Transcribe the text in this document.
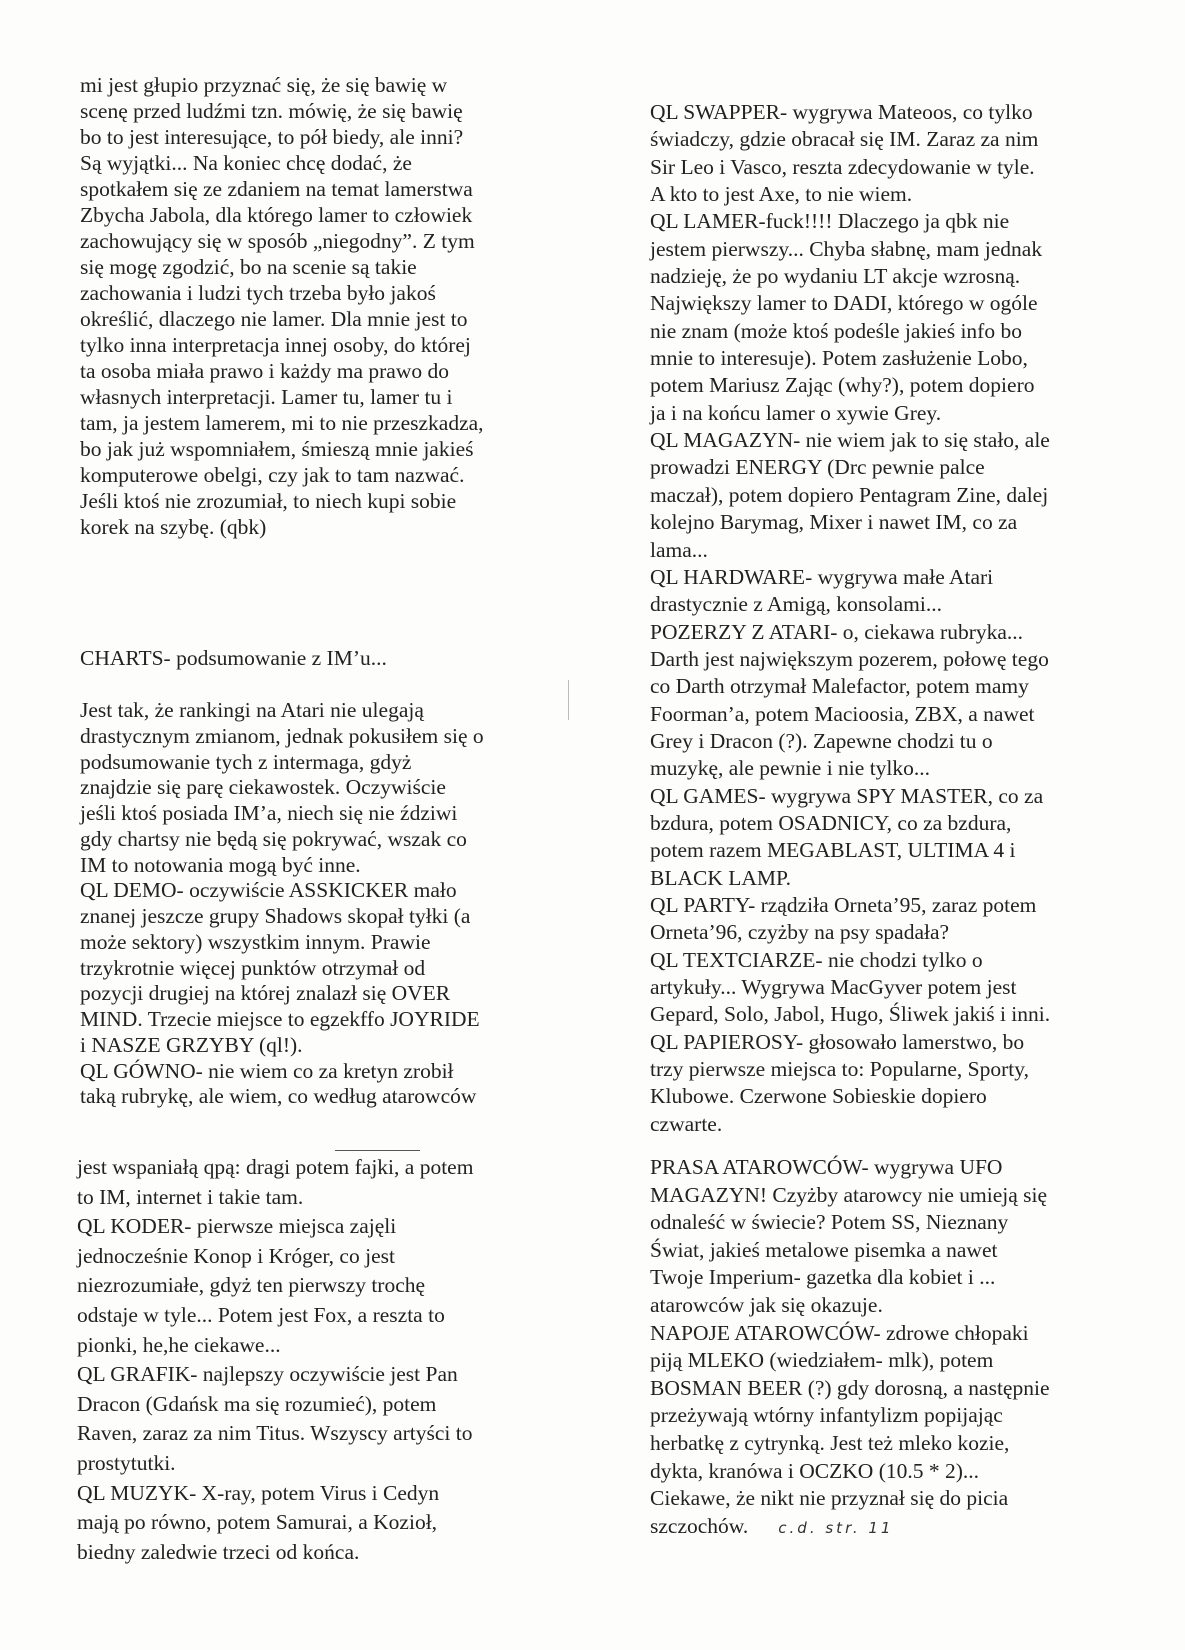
mi jest głupio przyznać się, że się bawię w
scenę przed ludźmi tzn. mówię, że się bawię
bo to jest interesujące, to pół biedy, ale inni?
Są wyjątki... Na koniec chcę dodać, że
spotkałem się ze zdaniem na temat lamerstwa
Zbycha Jabola, dla którego lamer to człowiek
zachowujący się w sposób „niegodny”. Z tym
się mogę zgodzić, bo na scenie są takie
zachowania i ludzi tych trzeba było jakoś
określić, dlaczego nie lamer. Dla mnie jest to
tylko inna interpretacja innej osoby, do której
ta osoba miała prawo i każdy ma prawo do
własnych interpretacji. Lamer tu, lamer tu i
tam, ja jestem lamerem, mi to nie przeszkadza,
bo jak już wspomniałem, śmieszą mnie jakieś
komputerowe obelgi, czy jak to tam nazwać.
Jeśli ktoś nie zrozumiał, to niech kupi sobie
korek na szybę. (qbk)
CHARTS- podsumowanie z IM’u...
Jest tak, że rankingi na Atari nie ulegają
drastycznym zmianom, jednak pokusiłem się o
podsumowanie tych z intermaga, gdyż
znajdzie się parę ciekawostek. Oczywiście
jeśli ktoś posiada IM’a, niech się nie ździwi
gdy chartsy nie będą się pokrywać, wszak co
IM to notowania mogą być inne.
QL DEMO- oczywiście ASSKICKER mało
znanej jeszcze grupy Shadows skopał tyłki (a
może sektory) wszystkim innym. Prawie
trzykrotnie więcej punktów otrzymał od
pozycji drugiej na której znalazł się OVER
MIND. Trzecie miejsce to egzekffo JOYRIDE
i NASZE GRZYBY (ql!).
QL GÓWNO- nie wiem co za kretyn zrobił
taką rubrykę, ale wiem, co według atarowców
jest wspaniałą qpą: dragi potem fajki, a potem
to IM, internet i takie tam.
QL KODER- pierwsze miejsca zajęli
jednocześnie Konop i Króger, co jest
niezrozumiałe, gdyż ten pierwszy trochę
odstaje w tyle... Potem jest Fox, a reszta to
pionki, he,he ciekawe...
QL GRAFIK- najlepszy oczywiście jest Pan
Dracon (Gdańsk ma się rozumieć), potem
Raven, zaraz za nim Titus. Wszyscy artyści to
prostytutki.
QL MUZYK- X-ray, potem Virus i Cedyn
mają po równo, potem Samurai, a Kozioł,
biedny zaledwie trzeci od końca.
QL SWAPPER- wygrywa Mateoos, co tylko
świadczy, gdzie obracał się IM. Zaraz za nim
Sir Leo i Vasco, reszta zdecydowanie w tyle.
A kto to jest Axe, to nie wiem.
QL LAMER-fuck!!!! Dlaczego ja qbk nie
jestem pierwszy... Chyba słabnę, mam jednak
nadzieję, że po wydaniu LT akcje wzrosną.
Największy lamer to DADI, którego w ogóle
nie znam (może ktoś podeśle jakieś info bo
mnie to interesuje). Potem zasłużenie Lobo,
potem Mariusz Zając (why?), potem dopiero
ja i na końcu lamer o xywie Grey.
QL MAGAZYN- nie wiem jak to się stało, ale
prowadzi ENERGY (Drc pewnie palce
maczał), potem dopiero Pentagram Zine, dalej
kolejno Barymag, Mixer i nawet IM, co za
lama...
QL HARDWARE- wygrywa małe Atari
drastycznie z Amigą, konsolami...
POZERZY Z ATARI- o, ciekawa rubryka...
Darth jest największym pozerem, połowę tego
co Darth otrzymał Malefactor, potem mamy
Foorman’a, potem Macioosia, ZBX, a nawet
Grey i Dracon (?). Zapewne chodzi tu o
muzykę, ale pewnie i nie tylko...
QL GAMES- wygrywa SPY MASTER, co za
bzdura, potem OSADNICY, co za bzdura,
potem razem MEGABLAST, ULTIMA 4 i
BLACK LAMP.
QL PARTY- rządziła Orneta’95, zaraz potem
Orneta’96, czyżby na psy spadała?
QL TEXTCIARZE- nie chodzi tylko o
artykuły... Wygrywa MacGyver potem jest
Gepard, Solo, Jabol, Hugo, Śliwek jakiś i inni.
QL PAPIEROSY- głosowało lamerstwo, bo
trzy pierwsze miejsca to: Popularne, Sporty,
Klubowe. Czerwone Sobieskie dopiero
czwarte.
PRASA ATAROWCÓW- wygrywa UFO
MAGAZYN! Czyżby atarowcy nie umieją się
odnaleść w świecie? Potem SS, Nieznany
Świat, jakieś metalowe pisemka a nawet
Twoje Imperium- gazetka dla kobiet i ...
atarowców jak się okazuje.
NAPOJE ATAROWCÓW- zdrowe chłopaki
piją MLEKO (wiedziałem- mlk), potem
BOSMAN BEER (?) gdy dorosną, a następnie
przeżywają wtórny infantylizm popijając
herbatkę z cytrynką. Jest też mleko kozie,
dykta, kranówa i OCZKO (10.5 * 2)...
Ciekawe, że nikt nie przyznał się do picia
szczochów. c.d. str. 11
